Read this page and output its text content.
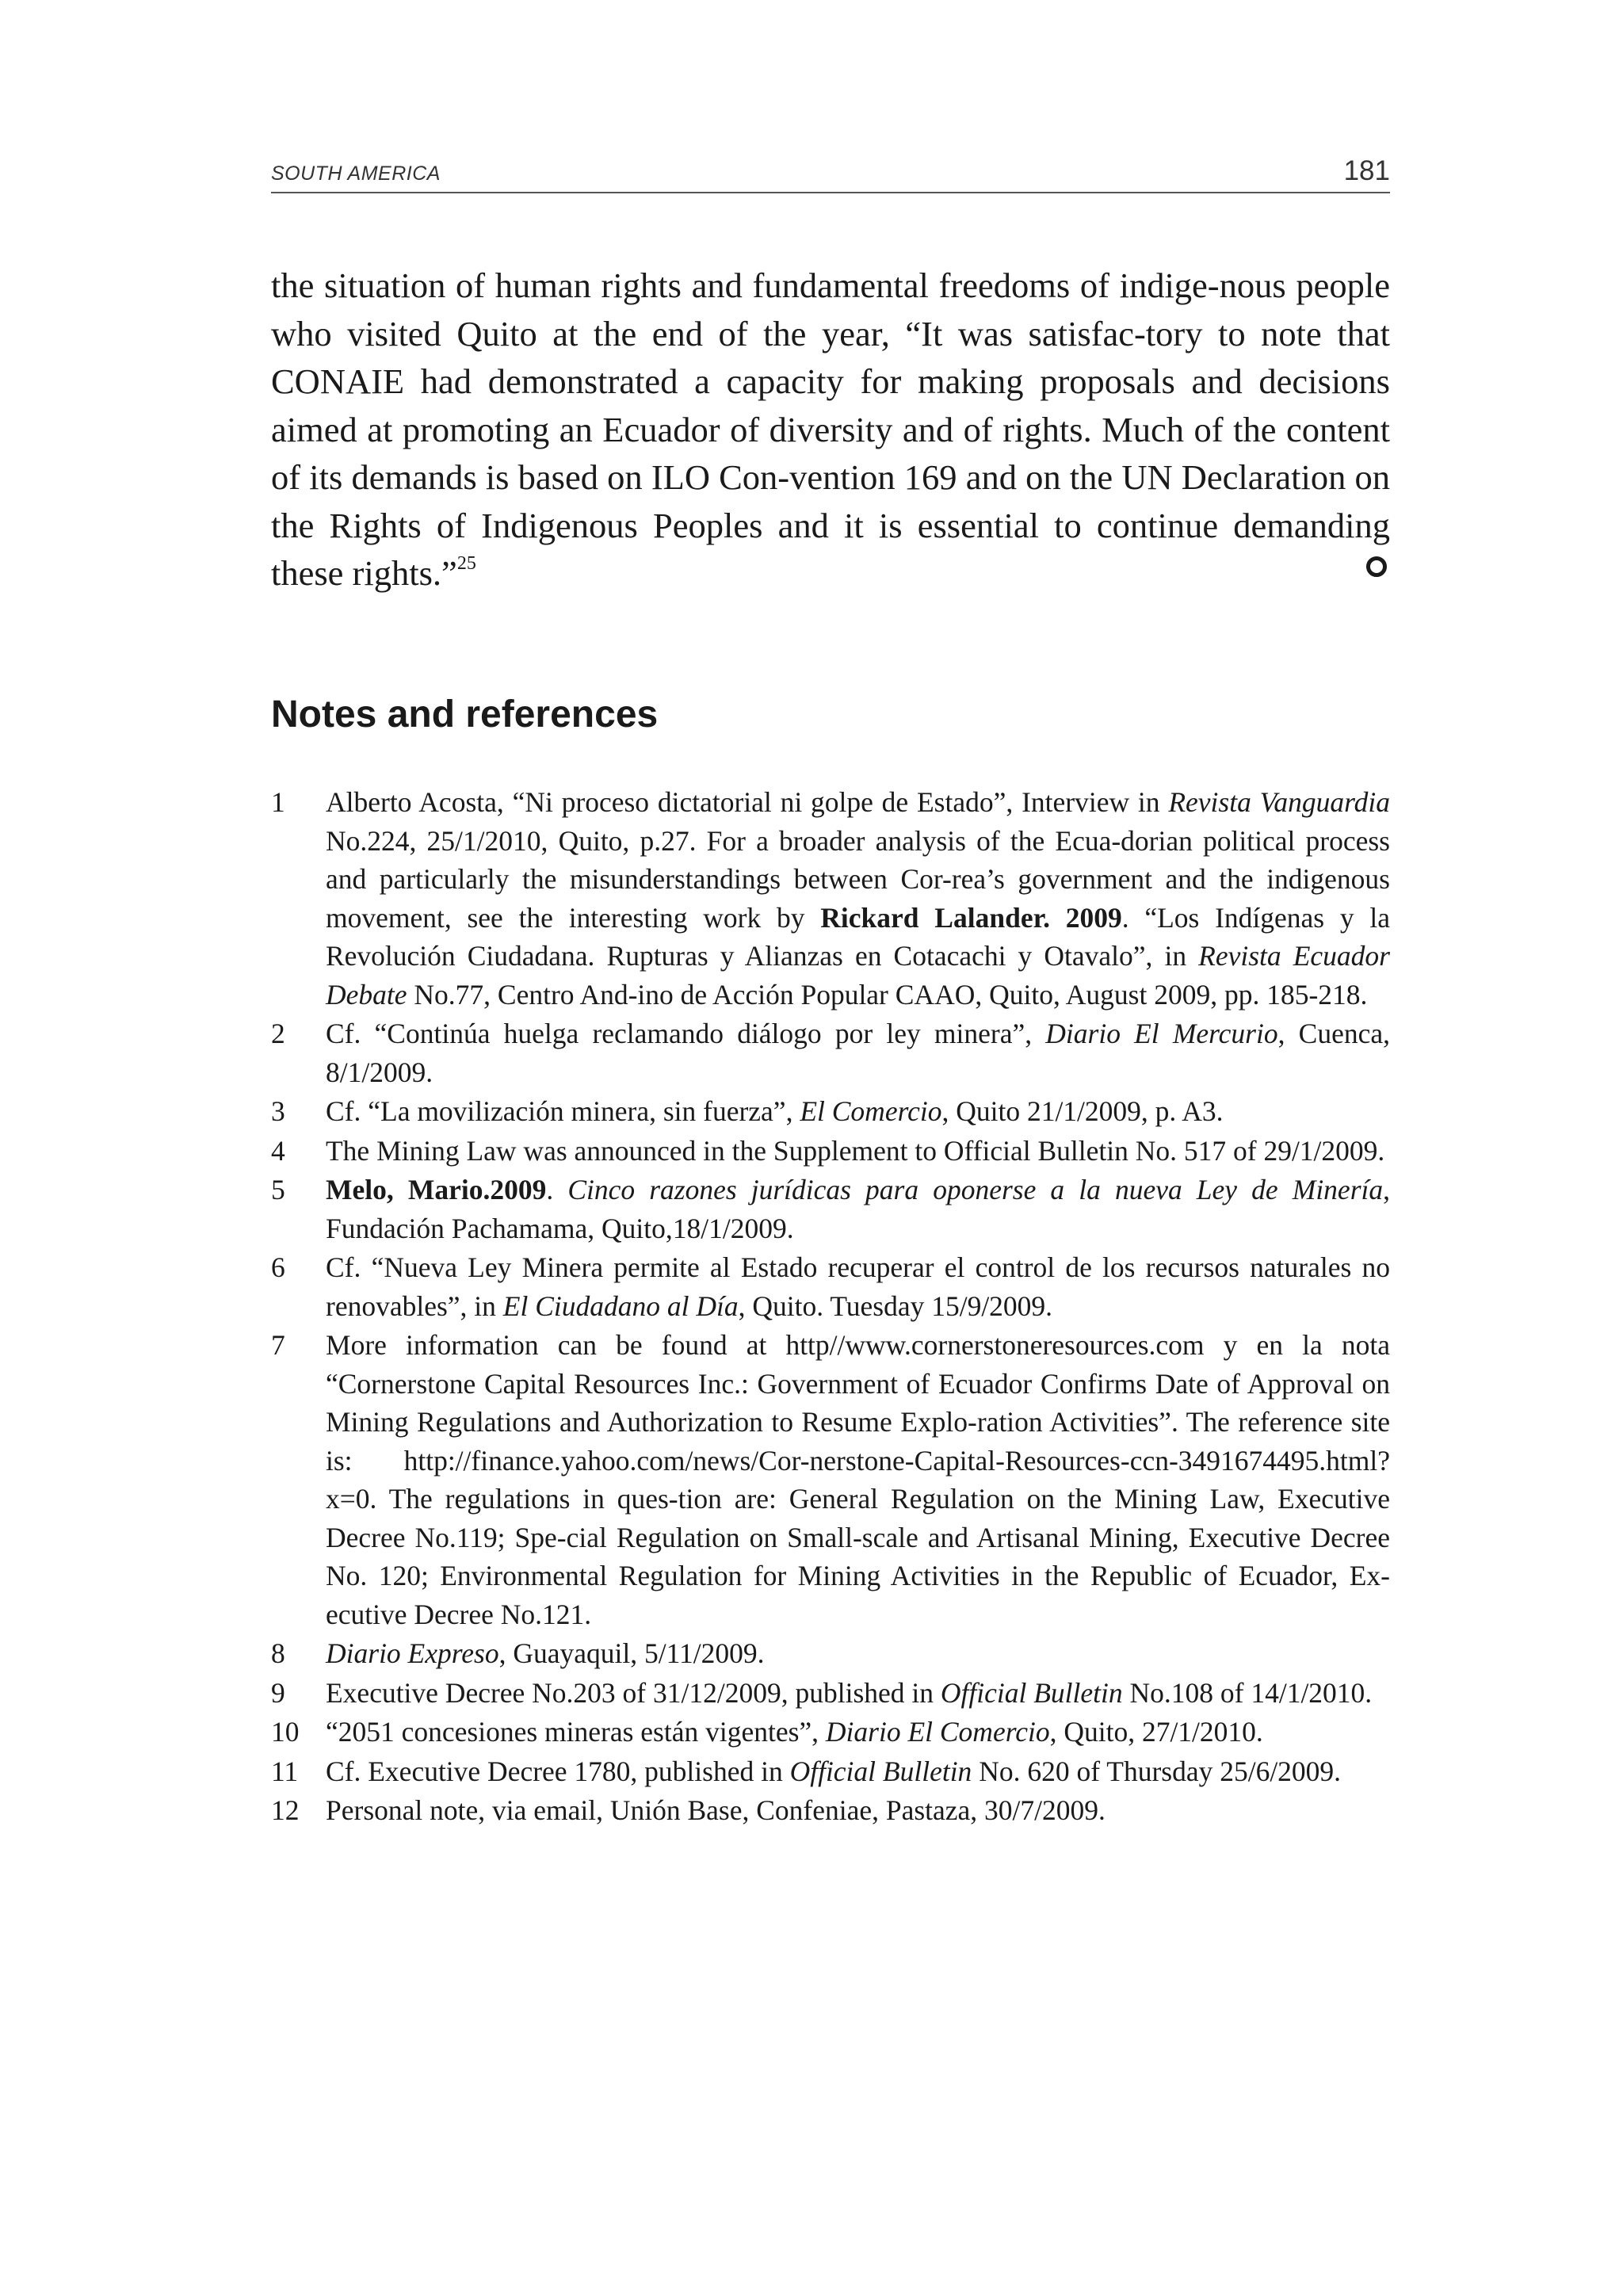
SOUTH AMERICA	181

the situation of human rights and fundamental freedoms of indige-nous people who visited Quito at the end of the year, “It was satisfac-tory to note that CONAIE had demonstrated a capacity for making proposals and decisions aimed at promoting an Ecuador of diversity and of rights. Much of the content of its demands is based on ILO Con-vention 169 and on the UN Declaration on the Rights of Indigenous Peoples and it is essential to continue demanding these rights.”$^{25}$

Notes and references
1 Alberto Acosta, “Ni proceso dictatorial ni golpe de Estado”, Interview in Revista Vanguardia No.224, 25/1/2010, Quito, p.27. For a broader analysis of the Ecua-dorian political process and particularly the misunderstandings between Cor-rea’s government and the indigenous movement, see the interesting work by Rickard Lalander. 2009. “Los Indígenas y la Revolución Ciudadana. Rupturas y Alianzas en Cotacachi y Otavalo”, in Revista Ecuador Debate No.77, Centro And-ino de Acción Popular CAAO, Quito, August 2009, pp. 185-218.
2 Cf. “Continúa huelga reclamando diálogo por ley minera”, Diario El Mercurio, Cuenca, 8/1/2009.
3 Cf. “La movilización minera, sin fuerza”, El Comercio, Quito 21/1/2009, p. A3.
4 The Mining Law was announced in the Supplement to Official Bulletin No. 517 of 29/1/2009.
5 Melo, Mario.2009. Cinco razones jurídicas para oponerse a la nueva Ley de Minería, Fundación Pachamama, Quito,18/1/2009.
6 Cf. “Nueva Ley Minera permite al Estado recuperar el control de los recursos naturales no renovables”, in El Ciudadano al Día, Quito. Tuesday 15/9/2009.
7 More information can be found at http//www.cornerstoneresources.com y en la nota “Cornerstone Capital Resources Inc.: Government of Ecuador Confirms Date of Approval on Mining Regulations and Authorization to Resume Explo-ration Activities”. The reference site is: http://finance.yahoo.com/news/Cor-nerstone-Capital-Resources-ccn-3491674495.html?x=0. The regulations in ques-tion are: General Regulation on the Mining Law, Executive Decree No.119; Spe-cial Regulation on Small-scale and Artisanal Mining, Executive Decree No. 120; Environmental Regulation for Mining Activities in the Republic of Ecuador, Ex-ecutive Decree No.121.
8 Diario Expreso, Guayaquil, 5/11/2009.
9 Executive Decree No.203 of 31/12/2009, published in Official Bulletin No.108 of 14/1/2010.
10 “2051 concesiones mineras están vigentes”, Diario El Comercio, Quito, 27/1/2010.
11 Cf. Executive Decree 1780, published in Official Bulletin No. 620 of Thursday 25/6/2009.
12 Personal note, via email, Unión Base, Confeniae, Pastaza, 30/7/2009.
